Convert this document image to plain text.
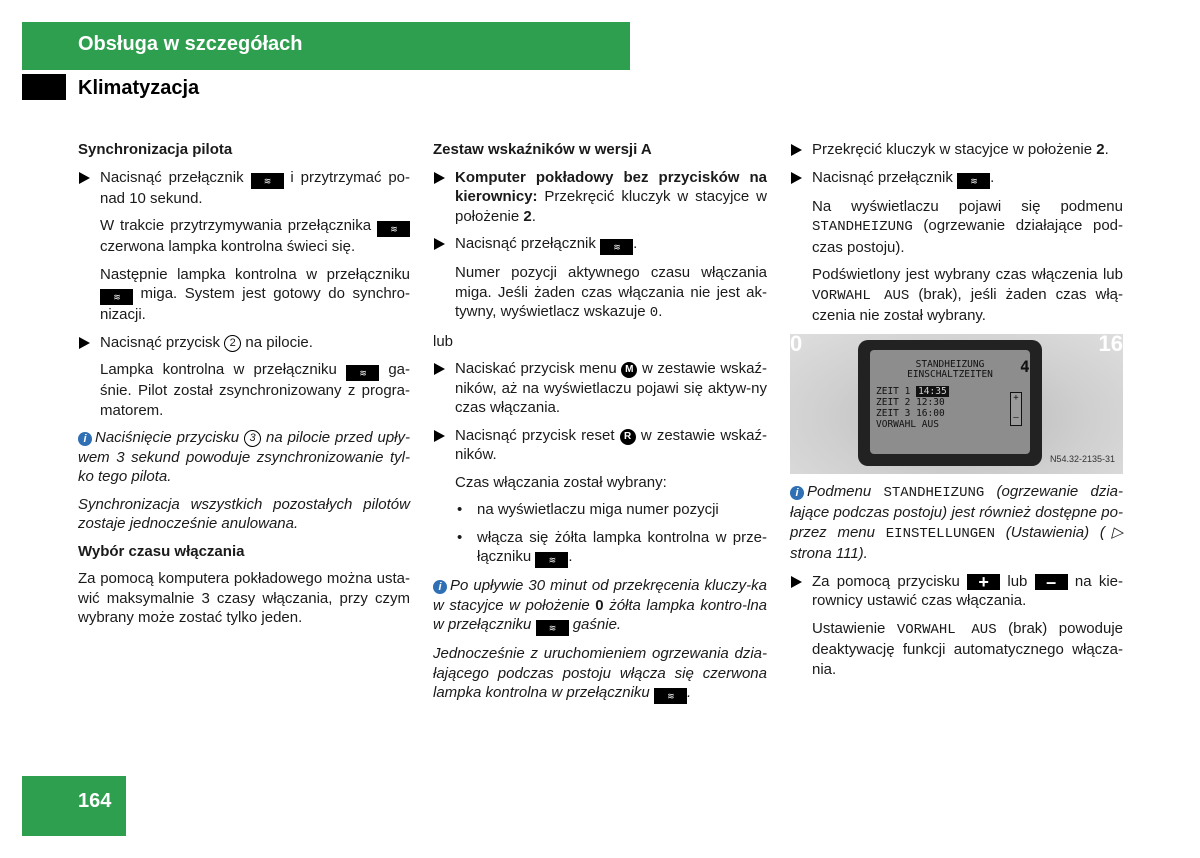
Obsługa w szczegółach
Klimatyzacja
Synchronizacja pilota
Nacisnąć przełącznik ≋ i przytrzymać po-nad 10 sekund.
W trakcie przytrzymywania przełącznika ≋ czerwona lampka kontrolna świeci się.
Następnie lampka kontrolna w przełączniku ≋ miga. System jest gotowy do synchro-nizacji.
Nacisnąć przycisk 2 na pilocie.
Lampka kontrolna w przełączniku ≋ ga-śnie. Pilot został zsynchronizowany z progra-matorem.
i Naciśnięcie przycisku 3 na pilocie przed upły-wem 3 sekund powoduje zsynchronizowanie tyl-ko tego pilota.
Synchronizacja wszystkich pozostałych pilotów zostaje jednocześnie anulowana.
Wybór czasu włączania
Za pomocą komputera pokładowego można usta-wić maksymalnie 3 czasy włączania, przy czym wybrany może zostać tylko jeden.
Zestaw wskaźników w wersji A
Komputer pokładowy bez przycisków na kierownicy: Przekręcić kluczyk w stacyjce w położenie 2.
Nacisnąć przełącznik ≋ .
Numer pozycji aktywnego czasu włączania miga. Jeśli żaden czas włączania nie jest ak-tywny, wyświetlacz wskazuje 0.
lub
Naciskać przycisk menu M w zestawie wskaź-ników, aż na wyświetlaczu pojawi się aktyw-ny czas włączania.
Nacisnąć przycisk reset R w zestawie wskaź-ników.
Czas włączania został wybrany:
• na wyświetlaczu miga numer pozycji
• włącza się żółta lampka kontrolna w prze-łączniku ≋ .
i Po upływie 30 minut od przekręcenia kluczy-ka w stacyjce w położenie 0 żółta lampka kontro-lna w przełączniku ≋ gaśnie.
Jednocześnie z uruchomieniem ogrzewania dzia-łającego podczas postoju włącza się czerwona lampka kontrolna w przełączniku ≋ .
Przekręcić kluczyk w stacyjce w położenie 2.
Nacisnąć przełącznik ≋ .
Na wyświetlaczu pojawi się podmenu STANDHEIZUNG (ogrzewanie działające pod-czas postoju).
Podświetlony jest wybrany czas włączenia lub VORWAHL AUS (brak), jeśli żaden czas włą-czenia nie został wybrany.
0	16
STANDHEIZUNG
EINSCHALTZEITEN
ZEIT 1 14:35
ZEIT 2 12:30
ZEIT 3 16:00
VORWAHL AUS
+

–
4
N54.32-2135-31
i Podmenu STANDHEIZUNG (ogrzewanie dzia-łające podczas postoju) jest również dostępne po-przez menu EINSTELLUNGEN (Ustawienia) (▷ strona 111).
Za pomocą przycisku + lub – na kie-rownicy ustawić czas włączania.
Ustawienie VORWAHL AUS (brak) powoduje deaktywację funkcji automatycznego włącza-nia.
164
